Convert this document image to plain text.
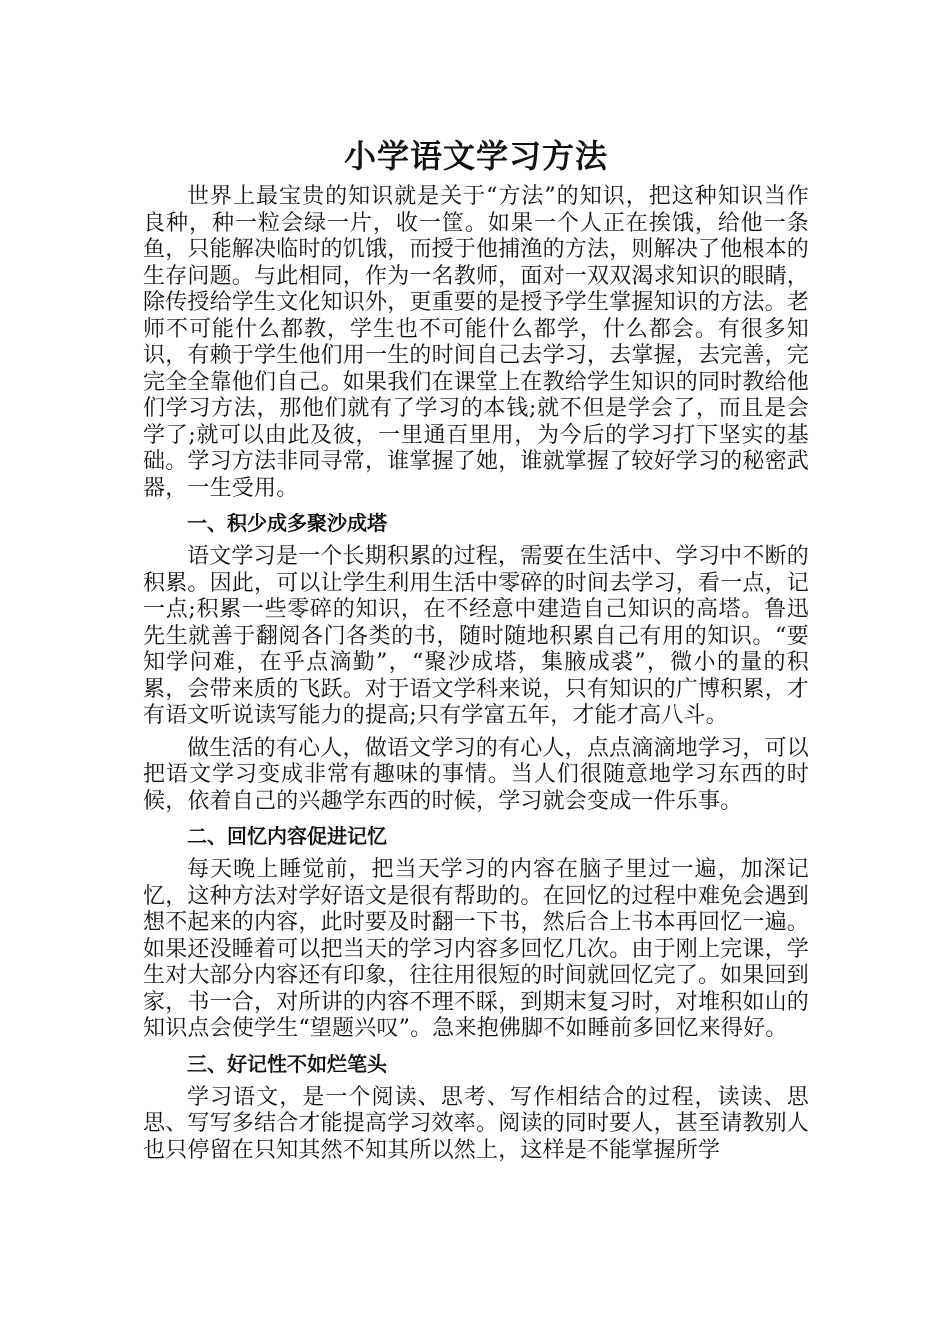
小学语文学习方法

世界上最宝贵的知识就是关于“方法”的知识，把这种知识当作良种，种一粒会绿一片，收一筐。如果一个人正在挨饿，给他一条鱼，只能解决临时的饥饿，而授于他捕渔的方法，则解决了他根本的生存问题。与此相同，作为一名教师，面对一双双渴求知识的眼睛，除传授给学生文化知识外，更重要的是授予学生掌握知识的方法。老师不可能什么都教，学生也不可能什么都学，什么都会。有很多知识，有赖于学生他们用一生的时间自己去学习，去掌握，去完善，完完全全靠他们自己。如果我们在课堂上在教给学生知识的同时教给他们学习方法，那他们就有了学习的本钱;就不但是学会了，而且是会学了;就可以由此及彼，一里通百里用，为今后的学习打下坚实的基础。学习方法非同寻常，谁掌握了她，谁就掌握了较好学习的秘密武器，一生受用。

一、积少成多聚沙成塔

语文学习是一个长期积累的过程，需要在生活中、学习中不断的积累。因此，可以让学生利用生活中零碎的时间去学习，看一点，记一点;积累一些零碎的知识，在不经意中建造自己知识的高塔。鲁迅先生就善于翻阅各门各类的书，随时随地积累自己有用的知识。“要知学问难，在乎点滴勤”，“聚沙成塔，集腋成裘”，微小的量的积累，会带来质的飞跃。对于语文学科来说，只有知识的广博积累，才有语文听说读写能力的提高;只有学富五年，才能才高八斗。

做生活的有心人，做语文学习的有心人，点点滴滴地学习，可以把语文学习变成非常有趣味的事情。当人们很随意地学习东西的时候，依着自己的兴趣学东西的时候，学习就会变成一件乐事。

二、回忆内容促进记忆

每天晚上睡觉前，把当天学习的内容在脑子里过一遍，加深记忆，这种方法对学好语文是很有帮助的。在回忆的过程中难免会遇到想不起来的内容，此时要及时翻一下书，然后合上书本再回忆一遍。如果还没睡着可以把当天的学习内容多回忆几次。由于刚上完课，学生对大部分内容还有印象，往往用很短的时间就回忆完了。如果回到家，书一合，对所讲的内容不理不睬，到期末复习时，对堆积如山的知识点会使学生“望题兴叹”。急来抱佛脚不如睡前多回忆来得好。

三、好记性不如烂笔头

学习语文，是一个阅读、思考、写作相结合的过程，读读、思思、写写多结合才能提高学习效率。阅读的同时要人，甚至请教别人也只停留在只知其然不知其所以然上，这样是不能掌握所学
